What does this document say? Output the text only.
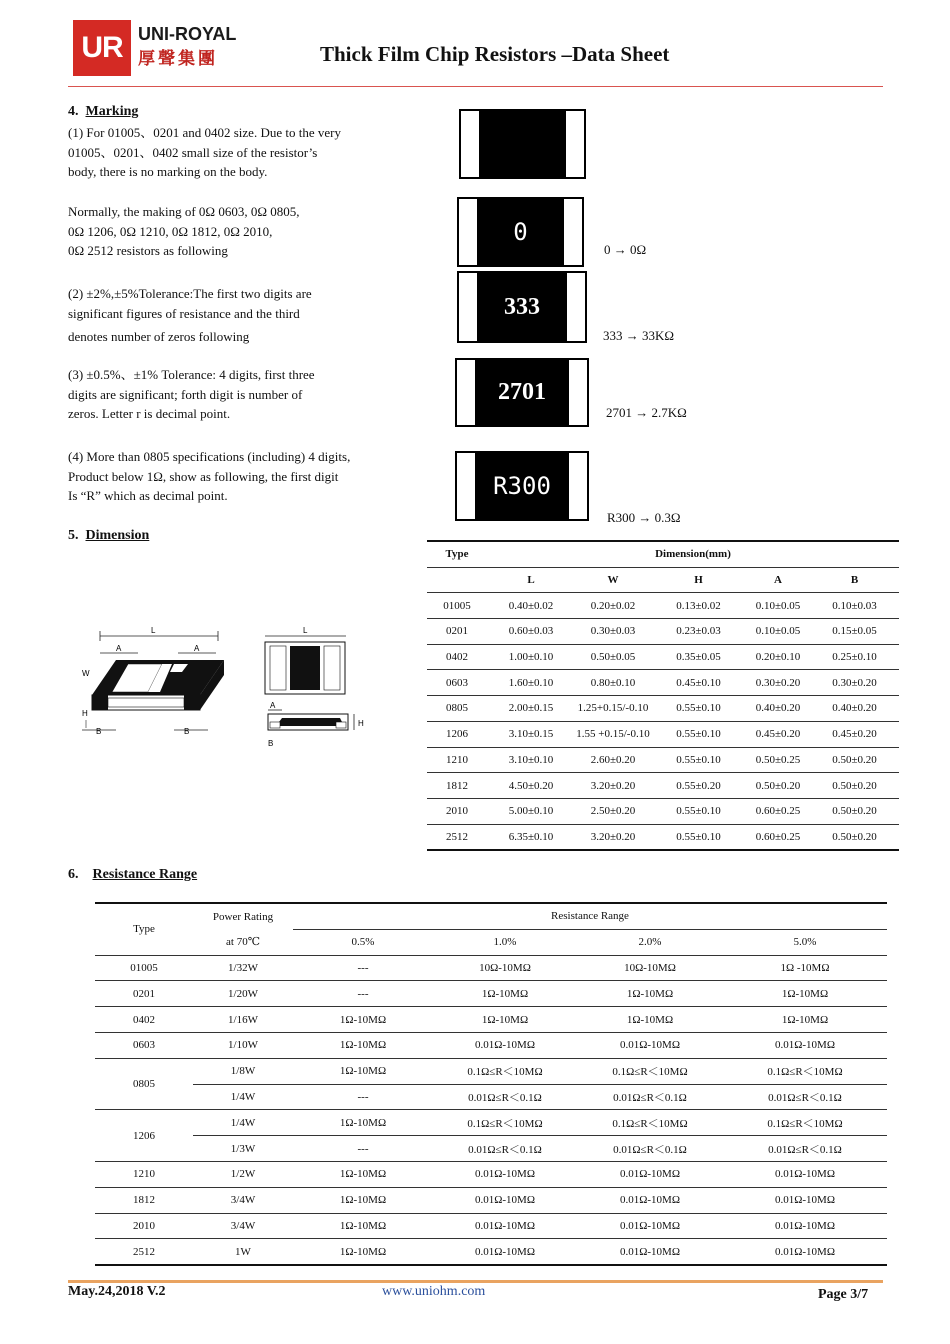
UR UNI-ROYAL
厚聲集團	Thick Film Chip Resistors –Data Sheet
4. Marking
(1) For 01005、0201 and 0402 size. Due to the very
01005、0201、0402 small size of the resistor’s
body, there is no marking on the body.
Normally, the making of 0Ω 0603, 0Ω 0805,
0Ω 1206, 0Ω 1210, 0Ω 1812, 0Ω 2010,
0Ω 2512 resistors as following
(2) ±2%,±5%Tolerance:The first two digits are
significant figures of resistance and the third
denotes number of zeros following
(3) ±0.5%、±1% Tolerance: 4 digits, first three
digits are significant; forth digit is number of
zeros. Letter r is decimal point.
(4) More than 0805 specifications (including) 4 digits,
Product below 1Ω, show as following, the first digit
Is “R” which as decimal point.
0
333
2701
R300
0 → 0Ω
333 → 33KΩ
2701 → 2.7KΩ
R300 → 0.3Ω
5. Dimension
L
A	A
W
H
B	B
L
A
H
B
Type	Dimension(mm)				
	L	W	H	A	B
01005	0.40±0.02	0.20±0.02	0.13±0.02	0.10±0.05	0.10±0.03
0201	0.60±0.03	0.30±0.03	0.23±0.03	0.10±0.05	0.15±0.05
0402	1.00±0.10	0.50±0.05	0.35±0.05	0.20±0.10	0.25±0.10
0603	1.60±0.10	0.80±0.10	0.45±0.10	0.30±0.20	0.30±0.20
0805	2.00±0.15	1.25+0.15/-0.10	0.55±0.10	0.40±0.20	0.40±0.20
1206	3.10±0.15	1.55 +0.15/-0.10	0.55±0.10	0.45±0.20	0.45±0.20
1210	3.10±0.10	2.60±0.20	0.55±0.10	0.50±0.25	0.50±0.20
1812	4.50±0.20	3.20±0.20	0.55±0.20	0.50±0.20	0.50±0.20
2010	5.00±0.10	2.50±0.20	0.55±0.10	0.60±0.25	0.50±0.20
2512	6.35±0.10	3.20±0.20	0.55±0.10	0.60±0.25	0.50±0.20
6. Resistance Range
Type	Power Rating	Resistance Range			
	at 70℃	0.5%	1.0%	2.0%	5.0%
01005	1/32W	---	10Ω-10MΩ	10Ω-10MΩ	1Ω -10MΩ
0201	1/20W	---	1Ω-10MΩ	1Ω-10MΩ	1Ω-10MΩ
0402	1/16W	1Ω-10MΩ	1Ω-10MΩ	1Ω-10MΩ	1Ω-10MΩ
0603	1/10W	1Ω-10MΩ	0.01Ω-10MΩ	0.01Ω-10MΩ	0.01Ω-10MΩ
0805	1/8W	1Ω-10MΩ	0.1Ω≤R＜10MΩ	0.1Ω≤R＜10MΩ	0.1Ω≤R＜10MΩ
	1/4W	---	0.01Ω≤R＜0.1Ω	0.01Ω≤R＜0.1Ω	0.01Ω≤R＜0.1Ω
1206	1/4W	1Ω-10MΩ	0.1Ω≤R＜10MΩ	0.1Ω≤R＜10MΩ	0.1Ω≤R＜10MΩ
	1/3W	---	0.01Ω≤R＜0.1Ω	0.01Ω≤R＜0.1Ω	0.01Ω≤R＜0.1Ω
1210	1/2W	1Ω-10MΩ	0.01Ω-10MΩ	0.01Ω-10MΩ	0.01Ω-10MΩ
1812	3/4W	1Ω-10MΩ	0.01Ω-10MΩ	0.01Ω-10MΩ	0.01Ω-10MΩ
2010	3/4W	1Ω-10MΩ	0.01Ω-10MΩ	0.01Ω-10MΩ	0.01Ω-10MΩ
2512	1W	1Ω-10MΩ	0.01Ω-10MΩ	0.01Ω-10MΩ	0.01Ω-10MΩ
May.24,2018 V.2	www.uniohm.com	Page 3/7
